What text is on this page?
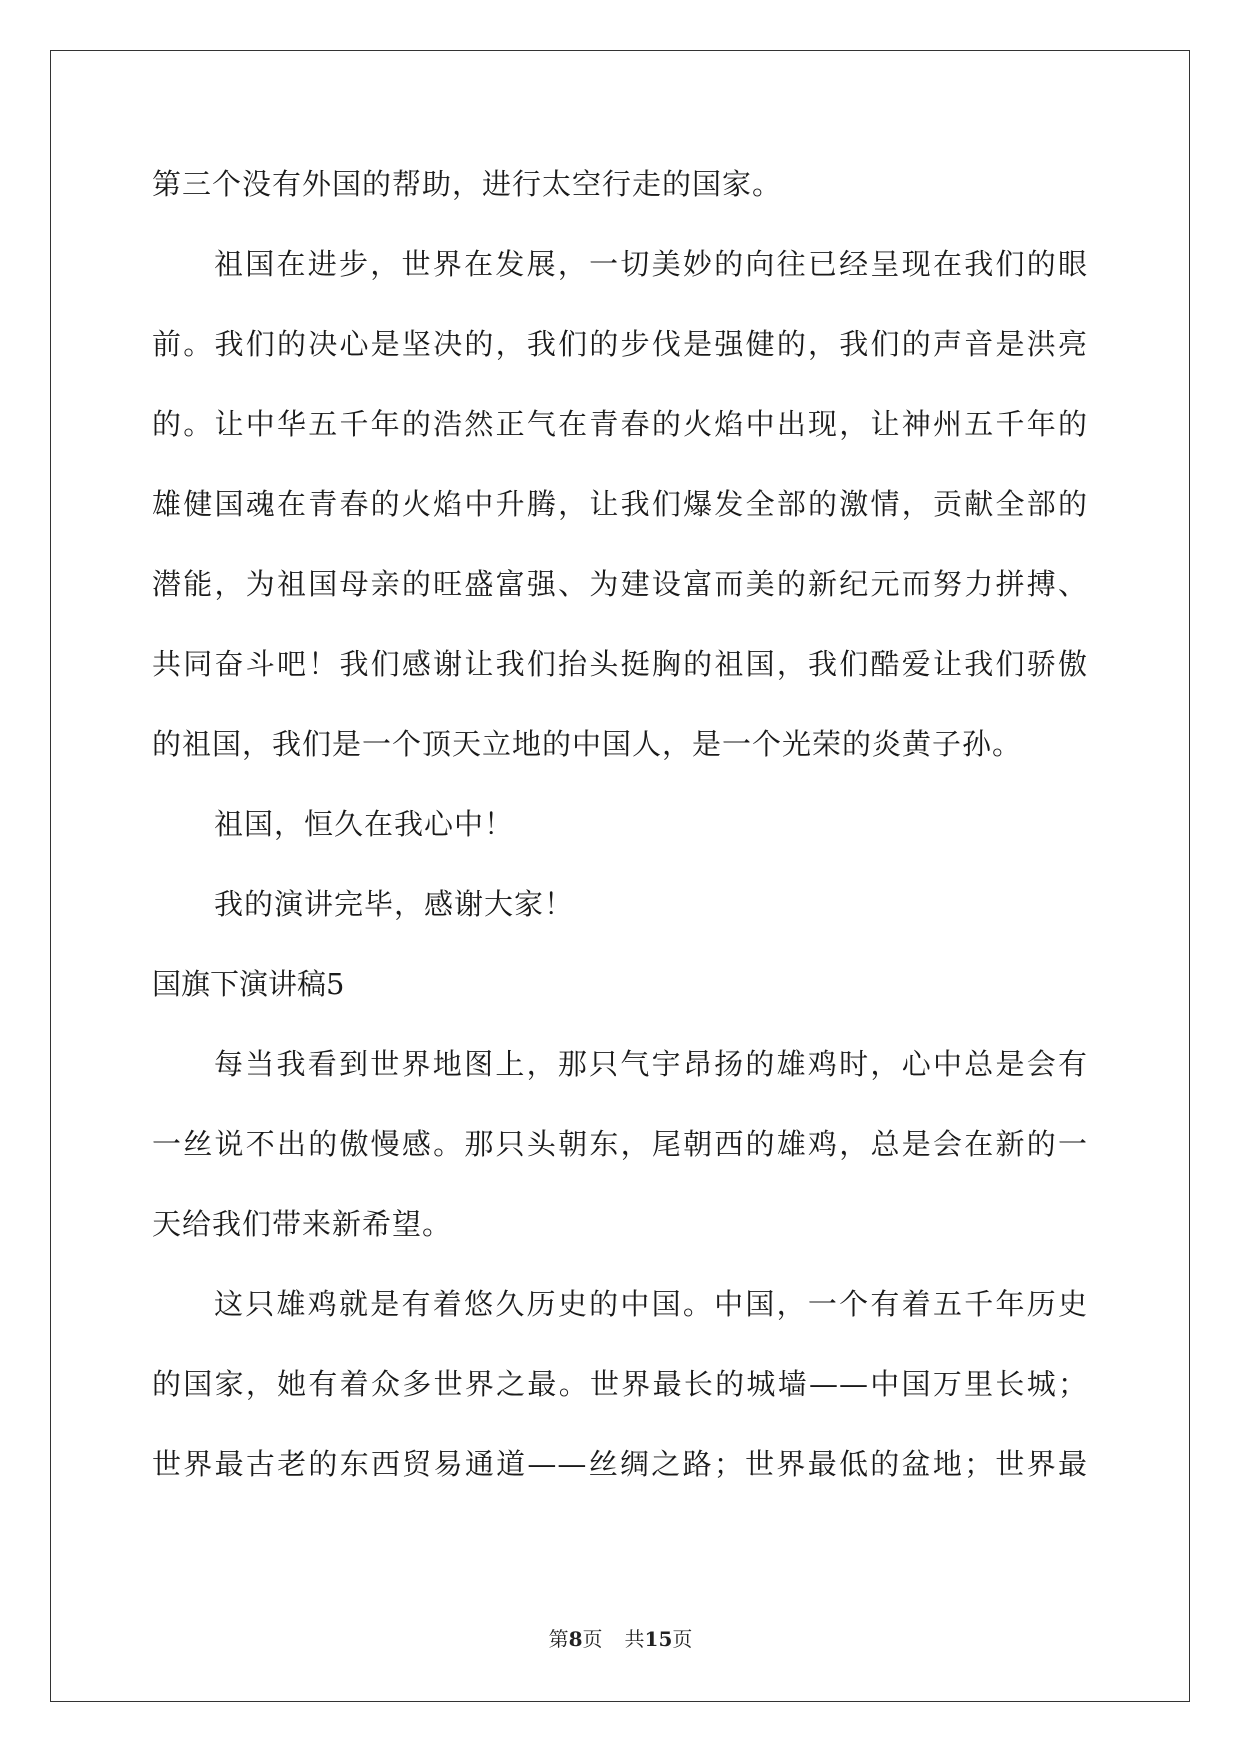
第三个没有外国的帮助，进行太空行走的国家。
祖国在进步，世界在发展，一切美妙的向往已经呈现在我们的眼
前。我们的决心是坚决的，我们的步伐是强健的，我们的声音是洪亮
的。让中华五千年的浩然正气在青春的火焰中出现，让神州五千年的
雄健国魂在青春的火焰中升腾，让我们爆发全部的激情，贡献全部的
潜能，为祖国母亲的旺盛富强、为建设富而美的新纪元而努力拼搏、
共同奋斗吧！我们感谢让我们抬头挺胸的祖国，我们酷爱让我们骄傲
的祖国，我们是一个顶天立地的中国人，是一个光荣的炎黄子孙。
祖国，恒久在我心中！
我的演讲完毕，感谢大家！
国旗下演讲稿5
每当我看到世界地图上，那只气宇昂扬的雄鸡时，心中总是会有
一丝说不出的傲慢感。那只头朝东，尾朝西的雄鸡，总是会在新的一
天给我们带来新希望。
这只雄鸡就是有着悠久历史的中国。中国，一个有着五千年历史
的国家，她有着众多世界之最。世界最长的城墙——中国万里长城；
世界最古老的东西贸易通道——丝绸之路；世界最低的盆地；世界最
第8页 共15页
